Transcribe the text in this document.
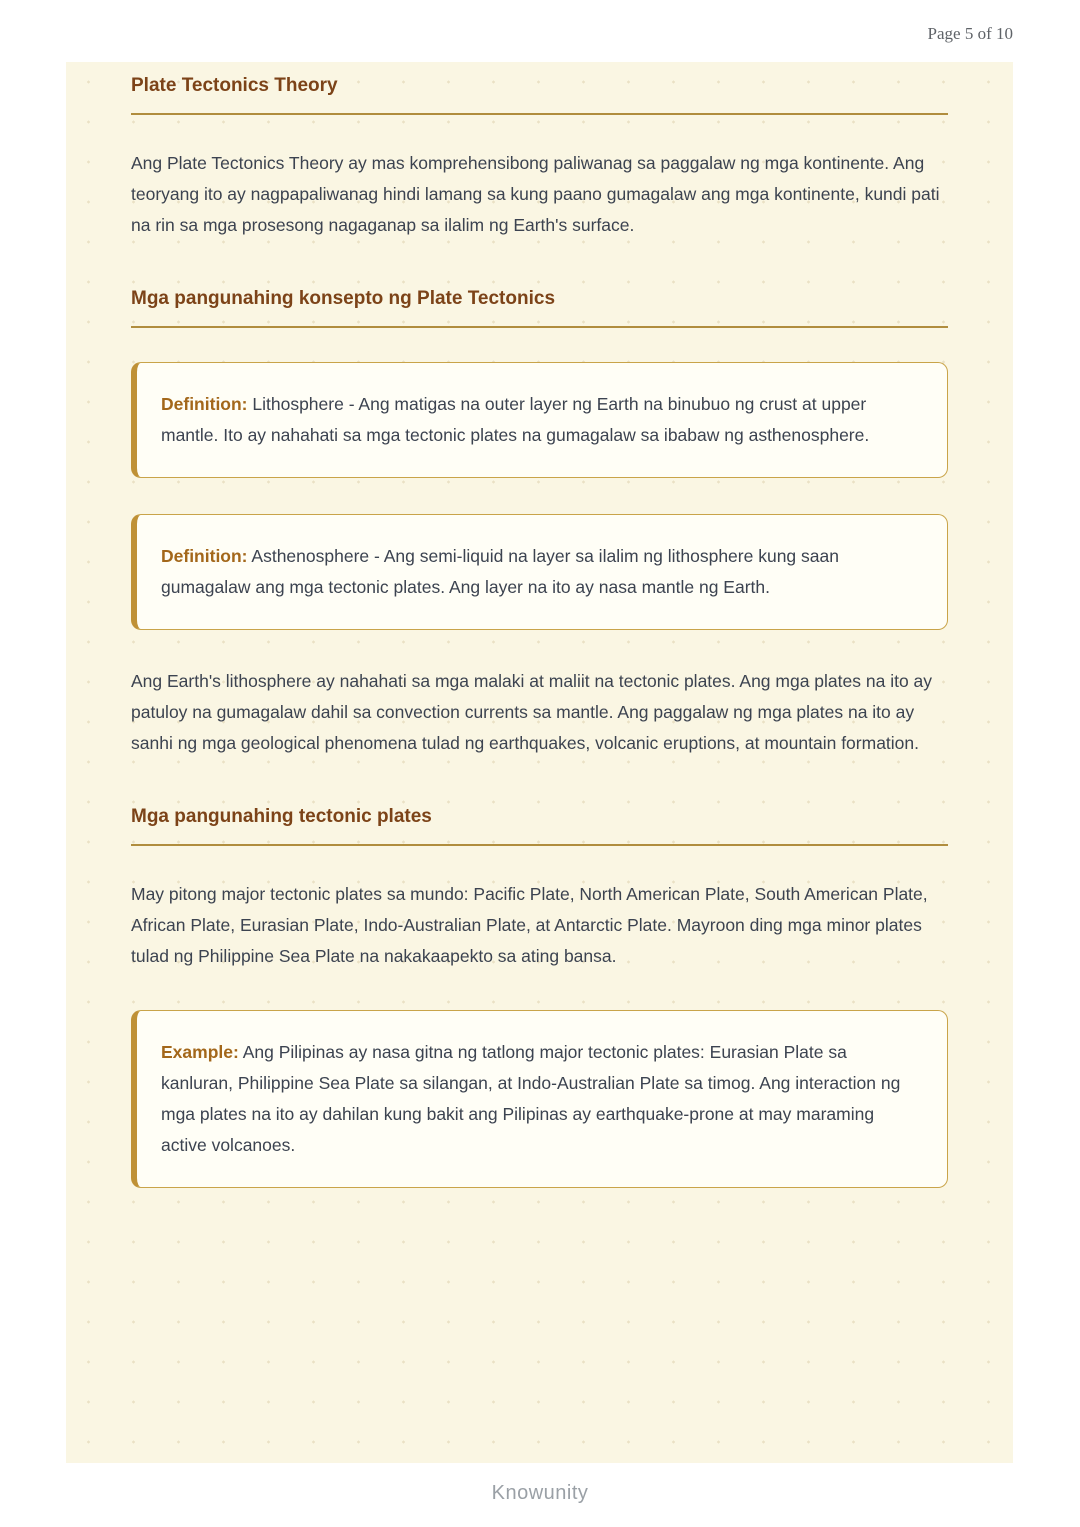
Page 5 of 10
Plate Tectonics Theory

Ang Plate Tectonics Theory ay mas komprehensibong paliwanag sa paggalaw ng mga kontinente. Ang teoryang ito ay nagpapaliwanag hindi lamang sa kung paano gumagalaw ang mga kontinente, kundi pati na rin sa mga prosesong nagaganap sa ilalim ng Earth's surface.

Mga pangunahing konsepto ng Plate Tectonics
Definition: Lithosphere - Ang matigas na outer layer ng Earth na binubuo ng crust at upper mantle. Ito ay nahahati sa mga tectonic plates na gumagalaw sa ibabaw ng asthenosphere.
Definition: Asthenosphere - Ang semi-liquid na layer sa ilalim ng lithosphere kung saan gumagalaw ang mga tectonic plates. Ang layer na ito ay nasa mantle ng Earth.

Ang Earth's lithosphere ay nahahati sa mga malaki at maliit na tectonic plates. Ang mga plates na ito ay patuloy na gumagalaw dahil sa convection currents sa mantle. Ang paggalaw ng mga plates na ito ay sanhi ng mga geological phenomena tulad ng earthquakes, volcanic eruptions, at mountain formation.

Mga pangunahing tectonic plates

May pitong major tectonic plates sa mundo: Pacific Plate, North American Plate, South American Plate, African Plate, Eurasian Plate, Indo-Australian Plate, at Antarctic Plate. Mayroon ding mga minor plates tulad ng Philippine Sea Plate na nakakaapekto sa ating bansa.

Example: Ang Pilipinas ay nasa gitna ng tatlong major tectonic plates: Eurasian Plate sa kanluran, Philippine Sea Plate sa silangan, at Indo-Australian Plate sa timog. Ang interaction ng mga plates na ito ay dahilan kung bakit ang Pilipinas ay earthquake-prone at may maraming active volcanoes.
Knowunity
